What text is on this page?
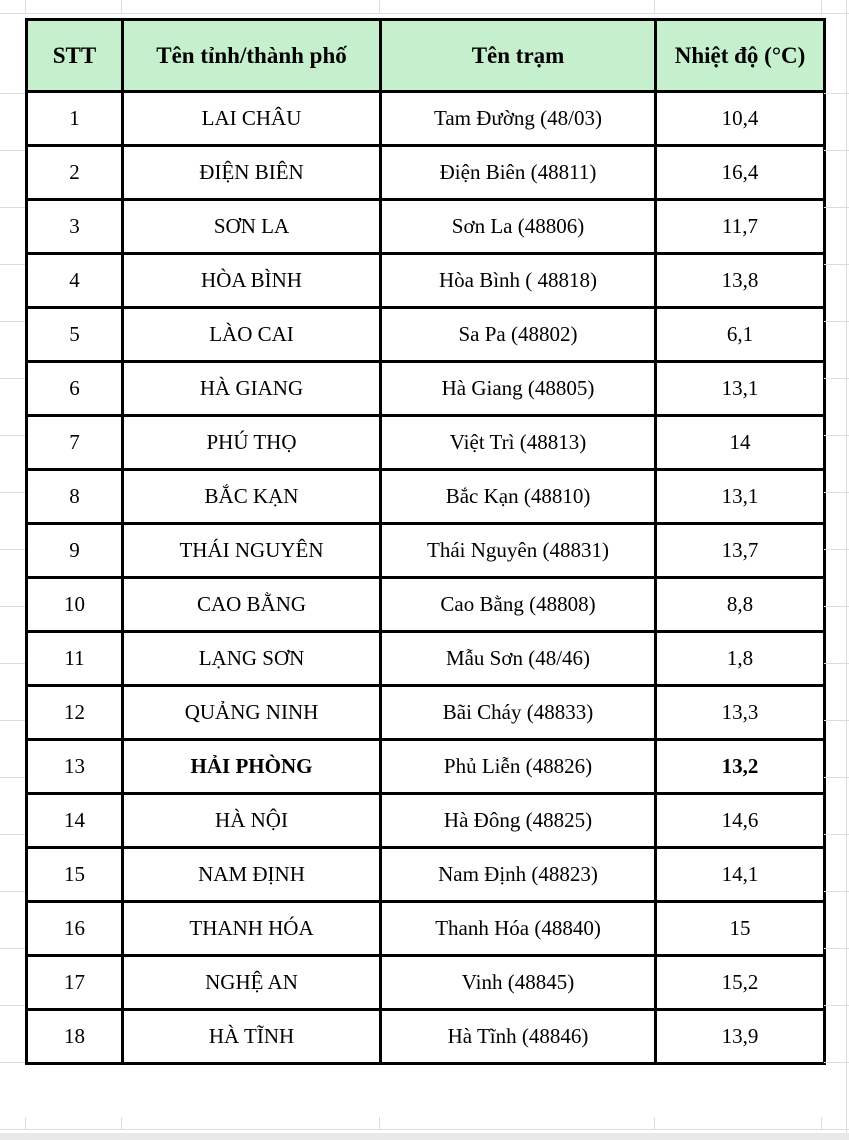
STT	Tên tỉnh/thành phố	Tên trạm	Nhiệt độ (°C)
1	LAI CHÂU	Tam Đường (48/03)	10,4
2	ĐIỆN BIÊN	Điện Biên (48811)	16,4
3	SƠN LA	Sơn La (48806)	11,7
4	HÒA BÌNH	Hòa Bình ( 48818)	13,8
5	LÀO CAI	Sa Pa (48802)	6,1
6	HÀ GIANG	Hà Giang (48805)	13,1
7	PHÚ THỌ	Việt Trì (48813)	14
8	BẮC KẠN	Bắc Kạn (48810)	13,1
9	THÁI NGUYÊN	Thái Nguyên (48831)	13,7
10	CAO BẰNG	Cao Bằng (48808)	8,8
11	LẠNG SƠN	Mẫu Sơn (48/46)	1,8
12	QUẢNG NINH	Bãi Cháy (48833)	13,3
13	HẢI PHÒNG	Phủ Liễn (48826)	13,2
14	HÀ NỘI	Hà Đông (48825)	14,6
15	NAM ĐỊNH	Nam Định (48823)	14,1
16	THANH HÓA	Thanh Hóa (48840)	15
17	NGHỆ AN	Vinh (48845)	15,2
18	HÀ TĨNH	Hà Tĩnh (48846)	13,9
